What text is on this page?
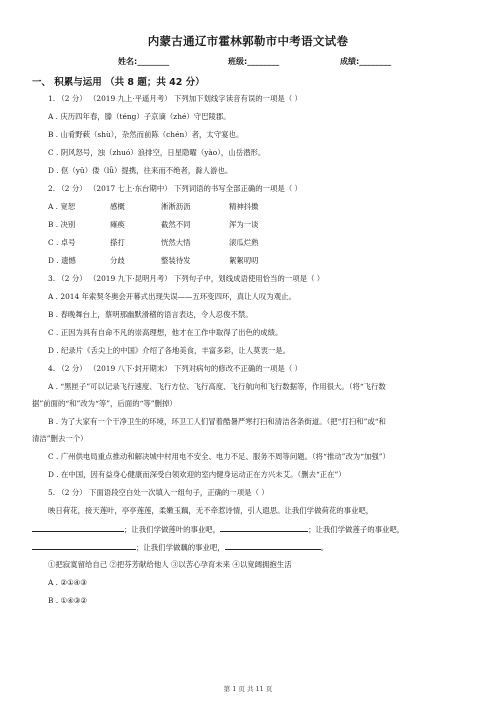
内蒙古通辽市霍林郭勒市中考语文试卷
姓名:________	班级:________	成绩:________
一、 积累与运用 （共 8 题；共 42 分）
1. （2 分） （2019 九上·平遥月考） 下列加下划线字读音有误的一项是（ ）
A . 庆历四年春，滕（téng）子京谪（zhé）守巴陵郡。
B . 山肴野蔌（shù），杂然而前陈（chén）者，太守宴也。
C . 阴风怒号，浊（zhuó）浪排空，日星隐曜（yào），山岳潜形。
D . 伛（yǔ）偻（lǚ）提携，往来而不绝者，滁人游也。
2. （2 分） （2017 七上·东台期中） 下列词语的书写全部正确的一项是（ ）
A . 宽恕	感概	淅淅沥沥	精神抖擞
B . 决别	瘫痪	截然不同	浑为一谈
C . 卓号	搽打	恍然大悟	滚瓜烂熟
D . 遗憾	分歧	整装待发	絮絮叨叨
3. （2 分） （2019 九下·昆明月考） 下列句子中，划线成语使用恰当的一项是（ ）
A . 2014 年索契冬奥会开幕式出现失误——五环变四环，真让人叹为观止。
B . 春晚舞台上，蔡明那幽默滑稽的语言表达，令人忍俊不禁。
C . 正因为具有自命不凡的崇高理想，他才在工作中取得了出色的成绩。
D . 纪录片《舌尖上的中国》介绍了各地美食，丰富多彩，让人莫衷一是。
4. （2 分） （2019 八下·封开期末） 下列对病句的修改不正确的一项是（ ）
A . “黑匣子”可以记录飞行速度、飞行方位、飞行高度、飞行航向和飞行数据等，作用很大。（将“飞行数
据”前面的“和”改为“等”，后面的“等”删掉）
B . 为了大家有一个干净卫生的环境，环卫工人们冒着酷暑严寒打扫和清洁各条街道。（把“打扫和”或“和
清洁”删去一个）
C . 广州供电局重点推动和解决城中村用电不安全、电力不足、服务不周等问题。（将“推动”改为“加强”）
D . 在中国，因有益身心健康而深受白领欢迎的室内健身运动正在方兴未艾。（删去“正在”）
5. （2 分） 下面语段空白处一次填入一组句子，正确的一项是（ ）
映日荷花，接天莲叶，亭亭莲莲，柔嫩玉藕，无不牵惹诗情，引人遐思。让我们学做荷花的事业吧，
；让我们学做莲叶的事业吧，	；让我们学做莲子的事业吧，
；让我们学做藕的事业吧，	。
①把寂寞留给自己 ②把芬芳献给他人 ③以苦心孕育未来 ④以宽阔拥抱生活
A . ②①④③
B . ①④③②
第 1 页 共 11 页
